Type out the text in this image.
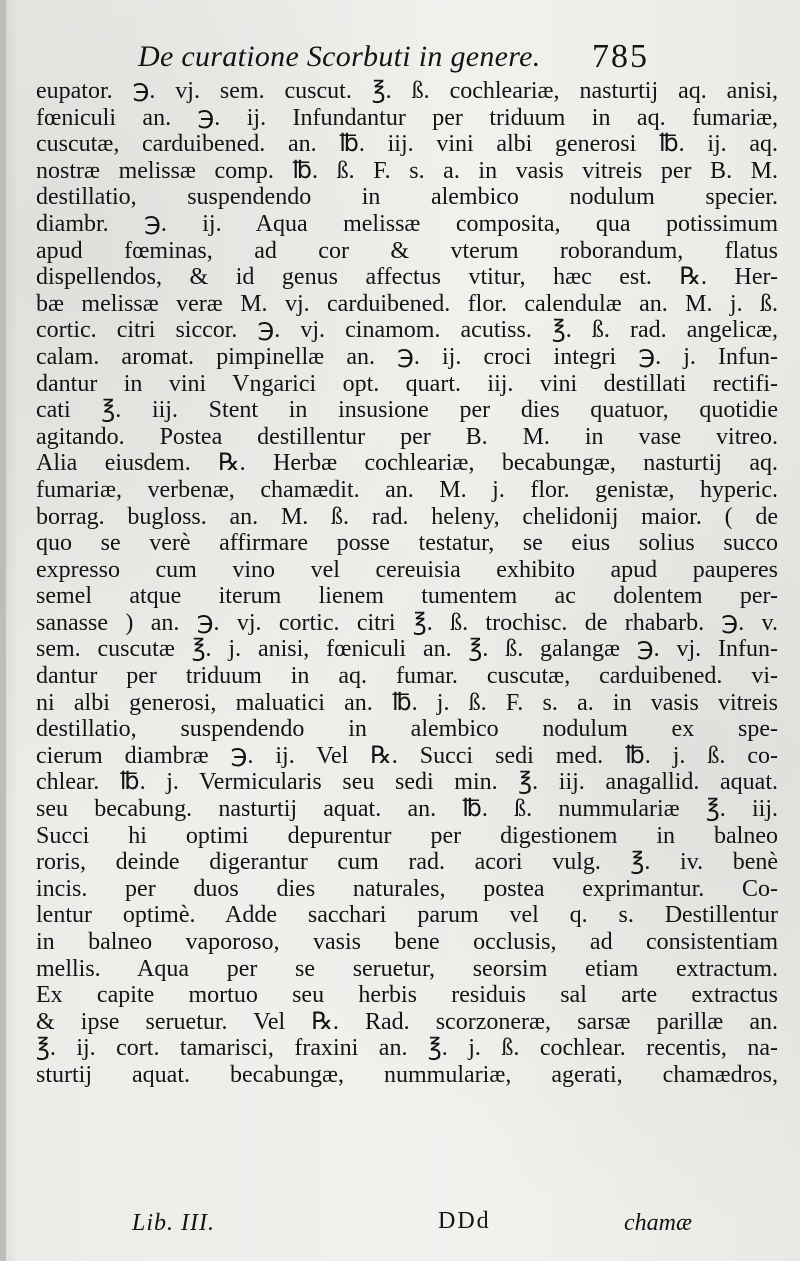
De curatione Scorbuti in genere. 785
eupator. ℈. vj. sem. cuscut. ℥. ß. cochleariæ, nasturtij aq. anisi,
fœniculi an. ℈. ij. Infundantur per triduum in aq. fumariæ,
cuscutæ, carduibened. an. ℔. iij. vini albi generosi ℔. ij. aq.
nostræ melissæ comp. ℔. ß. F. s. a. in vasis vitreis per B. M.
destillatio, suspendendo in alembico nodulum specier.
diambr. ℈. ij. Aqua melissæ composita, qua potissimum
apud fœminas, ad cor & vterum roborandum, flatus
dispellendos, & id genus affectus vtitur, hæc est. ℞. Her-
bæ melissæ veræ M. vj. carduibened. flor. calendulæ an. M. j. ß.
cortic. citri siccor. ℈. vj. cinamom. acutiss. ℥. ß. rad. angelicæ,
calam. aromat. pimpinellæ an. ℈. ij. croci integri ℈. j. Infun-
dantur in vini Vngarici opt. quart. iij. vini destillati rectifi-
cati ℥. iij. Stent in insusione per dies quatuor, quotidie
agitando. Postea destillentur per B. M. in vase vitreo.
Alia eiusdem. ℞. Herbæ cochleariæ, becabungæ, nasturtij aq.
fumariæ, verbenæ, chamædit. an. M. j. flor. genistæ, hyperic.
borrag. bugloss. an. M. ß. rad. heleny, chelidonij maior. ( de
quo se verè affirmare posse testatur, se eius solius succo
expresso cum vino vel cereuisia exhibito apud pauperes
semel atque iterum lienem tumentem ac dolentem per-
sanasse ) an. ℈. vj. cortic. citri ℥. ß. trochisc. de rhabarb. ℈. v.
sem. cuscutæ ℥. j. anisi, fœniculi an. ℥. ß. galangæ ℈. vj. Infun-
dantur per triduum in aq. fumar. cuscutæ, carduibened. vi-
ni albi generosi, maluatici an. ℔. j. ß. F. s. a. in vasis vitreis
destillatio, suspendendo in alembico nodulum ex spe-
cierum diambræ ℈. ij. Vel ℞. Succi sedi med. ℔. j. ß. co-
chlear. ℔. j. Vermicularis seu sedi min. ℥. iij. anagallid. aquat.
seu becabung. nasturtij aquat. an. ℔. ß. nummulariæ ℥. iij.
Succi hi optimi depurentur per digestionem in balneo
roris, deinde digerantur cum rad. acori vulg. ℥. iv. benè
incis. per duos dies naturales, postea exprimantur. Co-
lentur optimè. Adde sacchari parum vel q. s. Destillentur
in balneo vaporoso, vasis bene occlusis, ad consistentiam
mellis. Aqua per se seruetur, seorsim etiam extractum.
Ex capite mortuo seu herbis residuis sal arte extractus
& ipse seruetur. Vel ℞. Rad. scorzoneræ, sarsæ parillæ an.
℥. ij. cort. tamarisci, fraxini an. ℥. j. ß. cochlear. recentis, na-
sturtij aquat. becabungæ, nummulariæ, agerati, chamædros,
Lib. III.	DDd	chamæ
